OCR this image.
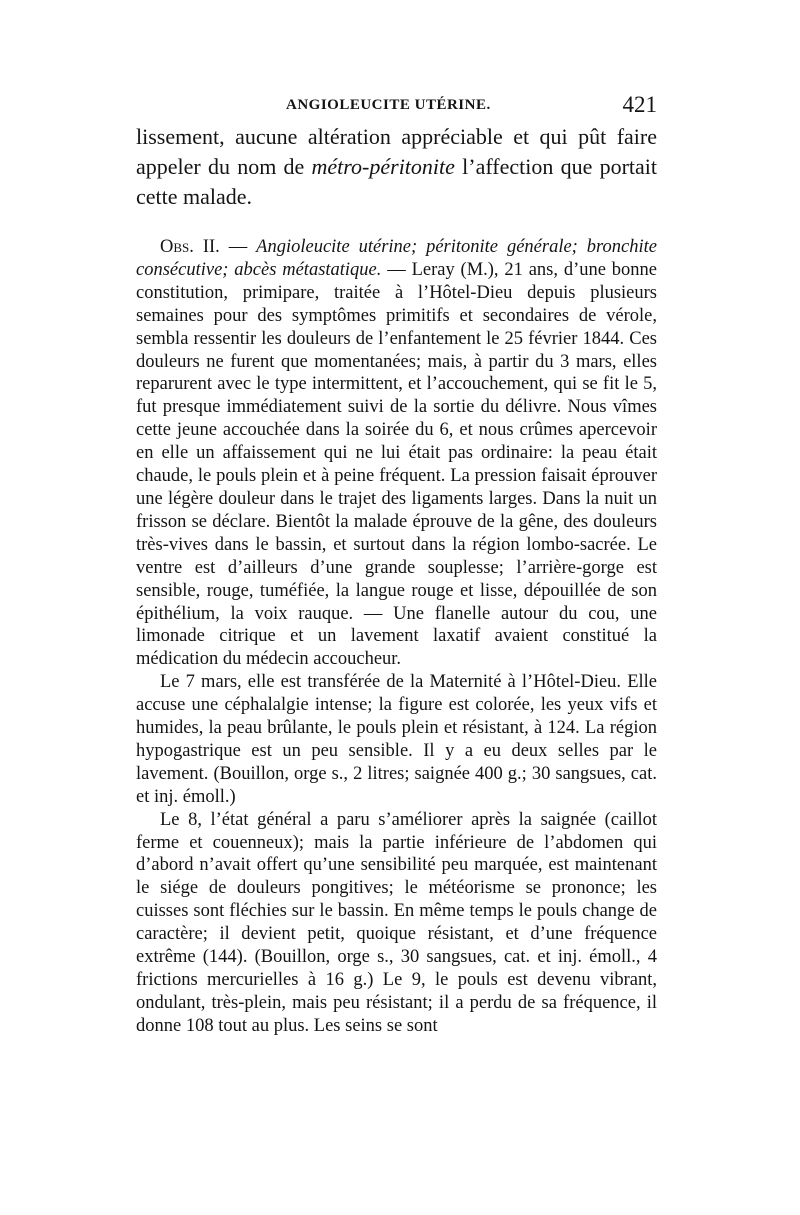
ANGIOLEUCITE UTÉRINE.	421

lissement, aucune altération appréciable et qui pût faire appeler du nom de métro-péritonite l’affection que portait cette malade.

Obs. II. — Angioleucite utérine; péritonite générale; bronchite consécutive; abcès métastatique. — Leray (M.), 21 ans, d’une bonne constitution, primipare, traitée à l’Hôtel-Dieu depuis plusieurs semaines pour des symptômes primitifs et secondaires de vérole, sembla ressentir les douleurs de l’enfantement le 25 février 1844. Ces douleurs ne furent que momentanées; mais, à partir du 3 mars, elles reparurent avec le type intermittent, et l’accouchement, qui se fit le 5, fut presque immédiatement suivi de la sortie du délivre. Nous vîmes cette jeune accouchée dans la soirée du 6, et nous crûmes apercevoir en elle un affaissement qui ne lui était pas ordinaire: la peau était chaude, le pouls plein et à peine fréquent. La pression faisait éprouver une légère douleur dans le trajet des ligaments larges. Dans la nuit un frisson se déclare. Bientôt la malade éprouve de la gêne, des douleurs très-vives dans le bassin, et surtout dans la région lombo-sacrée. Le ventre est d’ailleurs d’une grande souplesse; l’arrière-gorge est sensible, rouge, tuméfiée, la langue rouge et lisse, dépouillée de son épithélium, la voix rauque. — Une flanelle autour du cou, une limonade citrique et un lavement laxatif avaient constitué la médication du médecin accoucheur.

Le 7 mars, elle est transférée de la Maternité à l’Hôtel-Dieu. Elle accuse une céphalalgie intense; la figure est colorée, les yeux vifs et humides, la peau brûlante, le pouls plein et résistant, à 124. La région hypogastrique est un peu sensible. Il y a eu deux selles par le lavement. (Bouillon, orge s., 2 litres; saignée 400 g.; 30 sangsues, cat. et inj. émoll.)

Le 8, l’état général a paru s’améliorer après la saignée (caillot ferme et couenneux); mais la partie inférieure de l’abdomen qui d’abord n’avait offert qu’une sensibilité peu marquée, est maintenant le siége de douleurs pongitives; le météorisme se prononce; les cuisses sont fléchies sur le bassin. En même temps le pouls change de caractère; il devient petit, quoique résistant, et d’une fréquence extrême (144). (Bouillon, orge s., 30 sangsues, cat. et inj. émoll., 4 frictions mercurielles à 16 g.) Le 9, le pouls est devenu vibrant, ondulant, très-plein, mais peu résistant; il a perdu de sa fréquence, il donne 108 tout au plus. Les seins se sont
